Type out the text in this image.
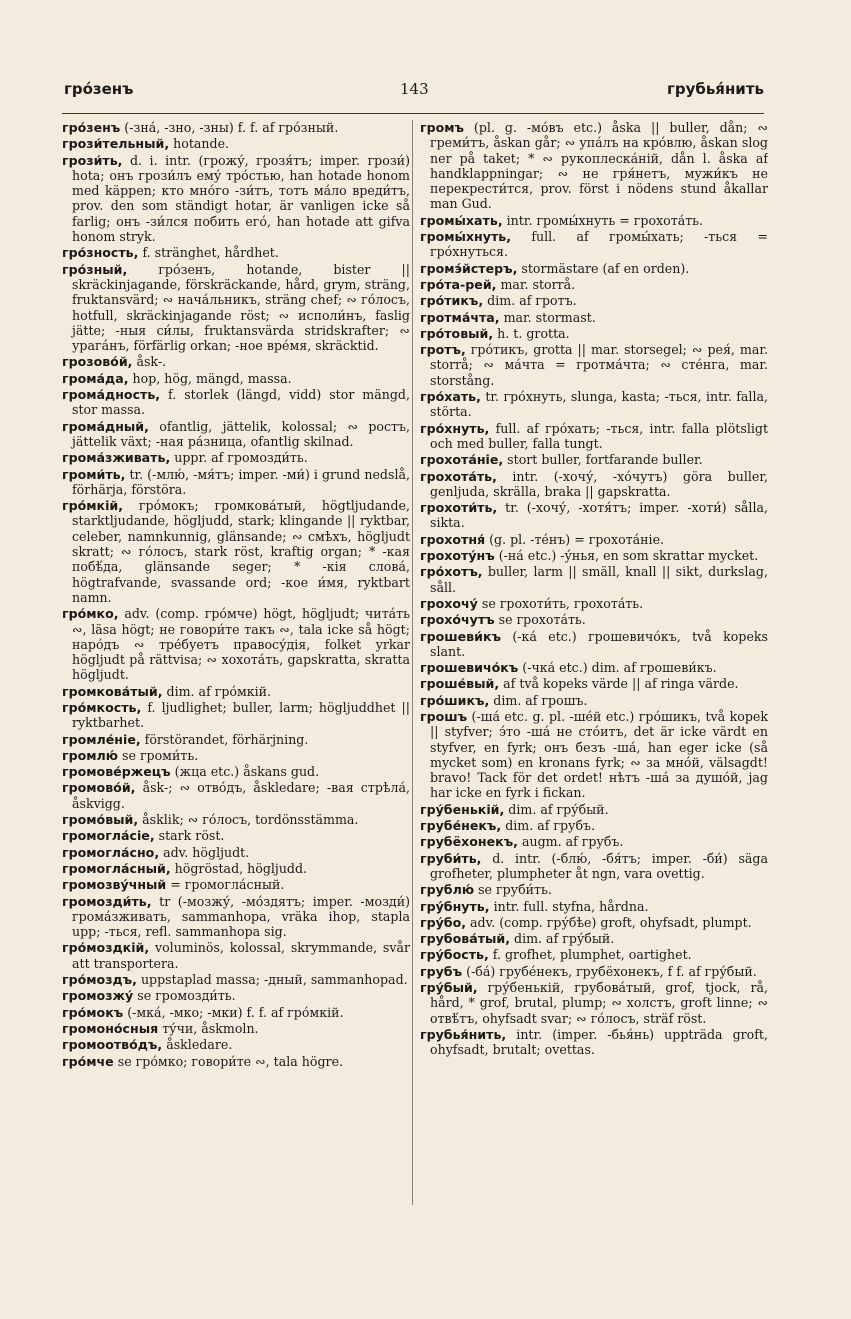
гро́зенъ	143	грубья́нить

гро́зенъ (-зна́, -зно, -зны) f. f. af гро́зный.

грози́тельный, hotande.

грози́ть, d. i. intr. (грожу́, грозя́тъ; imper. грози́) hota; онъ грози́лъ ему́ тро́стью, han hotade honom med käppen; кто мно́го -зи́тъ, тотъ ма́ло вреди́тъ, prov. den som ständigt hotar, är vanligen icke så farlig; онъ -зи́лся побить его́, han hotade att gifva honom stryk.

гро́зность, f. stränghet, hårdhet.

гро́зный, гро́зенъ, hotande, bister || skräckinjagande, förskräckande, hård, grym, sträng, fruktansvärd; ∾ нача́льникъ, sträng chef; ∾ го́лосъ, hotfull, skräckinjagande röst; ∾ исполи́нъ, faslig jätte; -ныя си́лы, fruktansvärda stridskrafter; ∾ урага́нъ, förfärlig orkan; -ное вре́мя, skräcktid.

грозово́й, åsk-.

грома́да, hop, hög, mängd, massa.

грома́дность, f. storlek (längd, vidd) stor mängd, stor massa.

грома́дный, ofantlig, jättelik, kolossal; ∾ ростъ, jättelik växt; -ная ра́зница, ofantlig skilnad.

грома́зживать, uppr. af громозди́ть.

громи́ть, tr. (-млю́, -мя́тъ; imper. -ми́) i grund nedslå, förhärja, förstöra.

гро́мкій, гро́мокъ; громкова́тый, högtljudande, starktljudande, högljudd, stark; klingande || ryktbar, celeber, namnkunnig, glänsande; ∾ смѣхъ, högljudt skratt; ∾ го́лосъ, stark röst, kraftig organ; * -кая побѣ́да, glänsande seger; * -кія слова́, högtrafvande, svassande ord; -кое и́мя, ryktbart namn.

гро́мко, adv. (comp. гро́мче) högt, högljudt; чита́ть ∾, läsa högt; не говори́те такъ ∾, tala icke så högt; наро́дъ ∾ тре́буетъ правосу́дія, folket yrkar högljudt på rättvisa; ∾ хохота́ть, gapskratta, skratta högljudt.

громкова́тый, dim. af гро́мкій.

гро́мкость, f. ljudlighet; buller, larm; högljuddhet || ryktbarhet.

громле́ніе, förstörandet, förhärjning.

громлю́ se громи́ть.

громове́ржецъ (жца etc.) åskans gud.

громово́й, åsk-; ∾ отво́дъ, åskledare; -вая стрѣла́, åskvigg.

громо́вый, åsklik; ∾ го́лосъ, tordönsstämma.

громогла́сіе, stark röst.

громогла́сно, adv. högljudt.

громогла́сный, högröstad, högljudd.

громозву́чный = громогла́сный.

громозди́ть, tr (-мозжу́, -мо́здятъ; imper. -мозди́) грома́зживать, sammanhopa, vräka ihop, stapla upp; -ться, refl. sammanhopa sig.

гро́моздкій, voluminös, kolossal, skrymmande, svår att transportera.

гро́моздъ, uppstaplad massa; -дный, sammanhopad.

громозжу́ se громозди́ть.

гро́мокъ (-мка́, -мко; -мки) f. f. af гро́мкій.

громоно́сныя ту́чи, åskmoln.

громоотво́дъ, åskledare.

гро́мче se гро́мко; говори́те ∾, tala högre.

громъ (pl. g. -мо́въ etc.) åska || buller, dån; ∾ греми́тъ, åskan går; ∾ упа́лъ на кро́влю, åskan slog ner på taket; * ∾ рукоплеска́ній, dån l. åska af handklappningar; ∾ не гря́нетъ, мужи́къ не перекрести́тся, prov. först i nödens stund åkallar man Gud.

громы́хать, intr. громы́хнуть = грохота́ть.

громы́хнуть, full. af громы́хать; -ться = гро́хнуться.

громэ́йстеръ, stormästare (af en orden).

гро́та-рей, mar. storrå.

гро́тикъ, dim. af гротъ.

гротма́чта, mar. stormast.

гро́товый, h. t. grotta.

гротъ, гро́тикъ, grotta || mar. storsegel; ∾ рея́, mar. storrå; ∾ ма́чта = гротма́чта; ∾ сте́нга, mar. storstång.

гро́хать, tr. гро́хнуть, slunga, kasta; -ться, intr. falla, störta.

гро́хнуть, full. af гро́хать; -ться, intr. falla plötsligt och med buller, falla tungt.

грохота́ніе, stort buller, fortfarande buller.

грохота́ть, intr. (-хочу́, -хо́чутъ) göra buller, genljuda, skrälla, braka || gapskratta.

грохоти́ть, tr. (-хочу́, -хотя́тъ; imper. -хоти́) sålla, sikta.

грохотня́ (g. pl. -те́нъ) = грохота́ніе.

грохоту́нъ (-на́ etc.) -у́нья, en som skrattar mycket.

гро́хотъ, buller, larm || smäll, knall || sikt, durkslag, såll.

грохочу́ se грохоти́ть, грохота́ть.

грохо́чутъ se грохота́ть.

грошеви́къ (-ка́ etc.) грошевичо́къ, två kopeks slant.

грошевичо́къ (-чка́ etc.) dim. af грошеви́къ.

гроше́вый, af två kopeks värde || af ringa värde.

гро́шикъ, dim. af грошъ.

грошъ (-ша́ etc. g. pl. -ше́й etc.) гро́шикъ, två kopek || styfver; э́то -ша́ не сто́итъ, det är icke värdt en styfver, en fyrk; онъ безъ -ша́, han eger icke (så mycket som) en kronans fyrk; ∾ за мно́й, välsagdt! bravo! Tack för det ordet! нѣтъ -ша́ за душо́й, jag har icke en fyrk i fickan.

гру́бенькій, dim. af гру́бый.

грубе́некъ, dim. af грубъ.

грубёхонекъ, augm. af грубъ.

груби́ть, d. intr. (-блю́, -бя́тъ; imper. -би́) säga grofheter, plumpheter åt ngn, vara ovettig.

грублю́ se груби́ть.

гру́бнуть, intr. full. styfna, hårdna.

гру́бо, adv. (comp. гру́бѣе) groft, ohyfsadt, plumpt.

грубова́тый, dim. af гру́бый.

гру́бость, f. grofhet, plumphet, oartighet.

грубъ (-ба́) грубе́некъ, грубёхонекъ, f f. af гру́бый.

гру́бый, гру́бенькій, грубова́тый, grof, tjock, rå, hård, * grof, brutal, plump; ∾ холстъ, groft linne; ∾ отвѣ́тъ, ohyfsadt svar; ∾ го́лосъ, sträf röst.

грубья́нить, intr. (imper. -бья́нь) uppträda groft, ohyfsadt, brutalt; ovettas.
